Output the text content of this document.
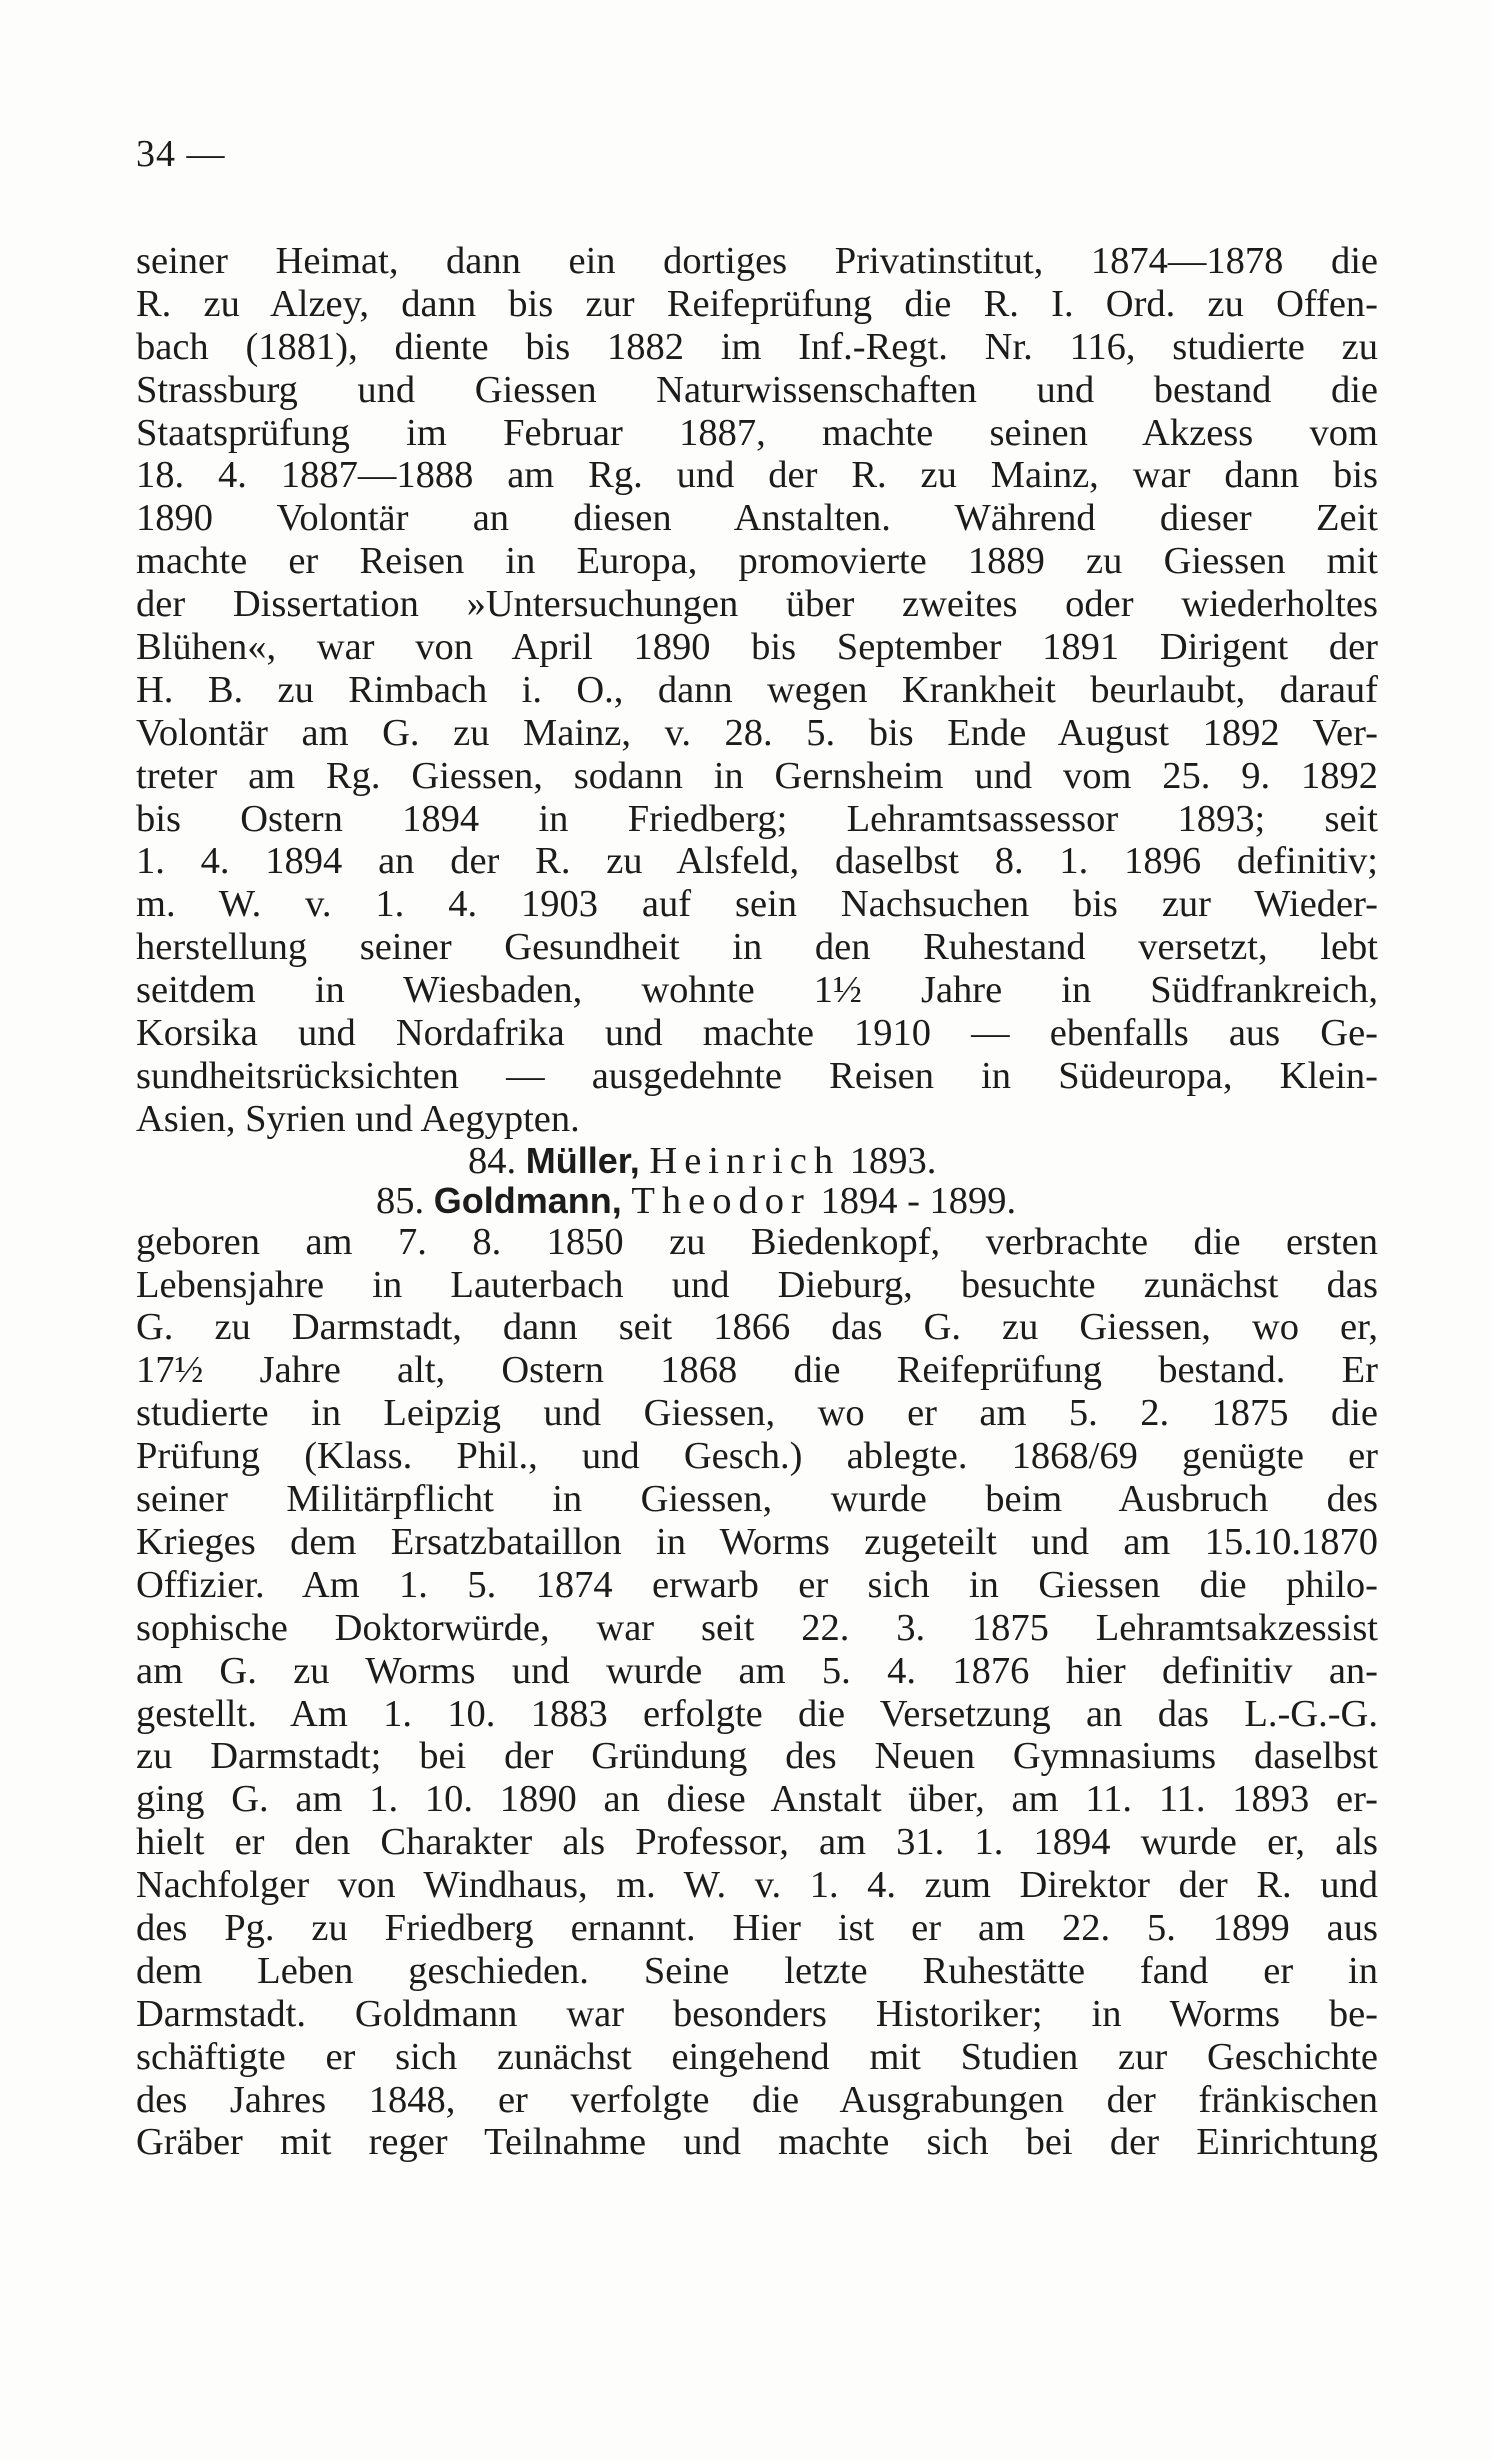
34 —
seiner Heimat, dann ein dortiges Privatinstitut, 1874—1878 die
R. zu Alzey, dann bis zur Reifeprüfung die R. I. Ord. zu Offen-
bach (1881), diente bis 1882 im Inf.-Regt. Nr. 116, studierte zu
Strassburg und Giessen Naturwissenschaften und bestand die
Staatsprüfung im Februar 1887, machte seinen Akzess vom
18. 4. 1887—1888 am Rg. und der R. zu Mainz, war dann bis
1890 Volontär an diesen Anstalten. Während dieser Zeit
machte er Reisen in Europa, promovierte 1889 zu Giessen mit
der Dissertation »Untersuchungen über zweites oder wiederholtes
Blühen«, war von April 1890 bis September 1891 Dirigent der
H. B. zu Rimbach i. O., dann wegen Krankheit beurlaubt, darauf
Volontär am G. zu Mainz, v. 28. 5. bis Ende August 1892 Ver-
treter am Rg. Giessen, sodann in Gernsheim und vom 25. 9. 1892
bis Ostern 1894 in Friedberg; Lehramtsassessor 1893; seit
1. 4. 1894 an der R. zu Alsfeld, daselbst 8. 1. 1896 definitiv;
m. W. v. 1. 4. 1903 auf sein Nachsuchen bis zur Wieder-
herstellung seiner Gesundheit in den Ruhestand versetzt, lebt
seitdem in Wiesbaden, wohnte 1½ Jahre in Südfrankreich,
Korsika und Nordafrika und machte 1910 — ebenfalls aus Ge-
sundheitsrücksichten — ausgedehnte Reisen in Südeuropa, Klein-
Asien, Syrien und Aegypten.
84. Müller, Heinrich 1893.
85. Goldmann, Theodor 1894 - 1899.
geboren am 7. 8. 1850 zu Biedenkopf, verbrachte die ersten
Lebensjahre in Lauterbach und Dieburg, besuchte zunächst das
G. zu Darmstadt, dann seit 1866 das G. zu Giessen, wo er,
17½ Jahre alt, Ostern 1868 die Reifeprüfung bestand. Er
studierte in Leipzig und Giessen, wo er am 5. 2. 1875 die
Prüfung (Klass. Phil., und Gesch.) ablegte. 1868/69 genügte er
seiner Militärpflicht in Giessen, wurde beim Ausbruch des
Krieges dem Ersatzbataillon in Worms zugeteilt und am 15.10.1870
Offizier. Am 1. 5. 1874 erwarb er sich in Giessen die philo-
sophische Doktorwürde, war seit 22. 3. 1875 Lehramtsakzessist
am G. zu Worms und wurde am 5. 4. 1876 hier definitiv an-
gestellt. Am 1. 10. 1883 erfolgte die Versetzung an das L.-G.-G.
zu Darmstadt; bei der Gründung des Neuen Gymnasiums daselbst
ging G. am 1. 10. 1890 an diese Anstalt über, am 11. 11. 1893 er-
hielt er den Charakter als Professor, am 31. 1. 1894 wurde er, als
Nachfolger von Windhaus, m. W. v. 1. 4. zum Direktor der R. und
des Pg. zu Friedberg ernannt. Hier ist er am 22. 5. 1899 aus
dem Leben geschieden. Seine letzte Ruhestätte fand er in
Darmstadt. Goldmann war besonders Historiker; in Worms be-
schäftigte er sich zunächst eingehend mit Studien zur Geschichte
des Jahres 1848, er verfolgte die Ausgrabungen der fränkischen
Gräber mit reger Teilnahme und machte sich bei der Einrichtung
